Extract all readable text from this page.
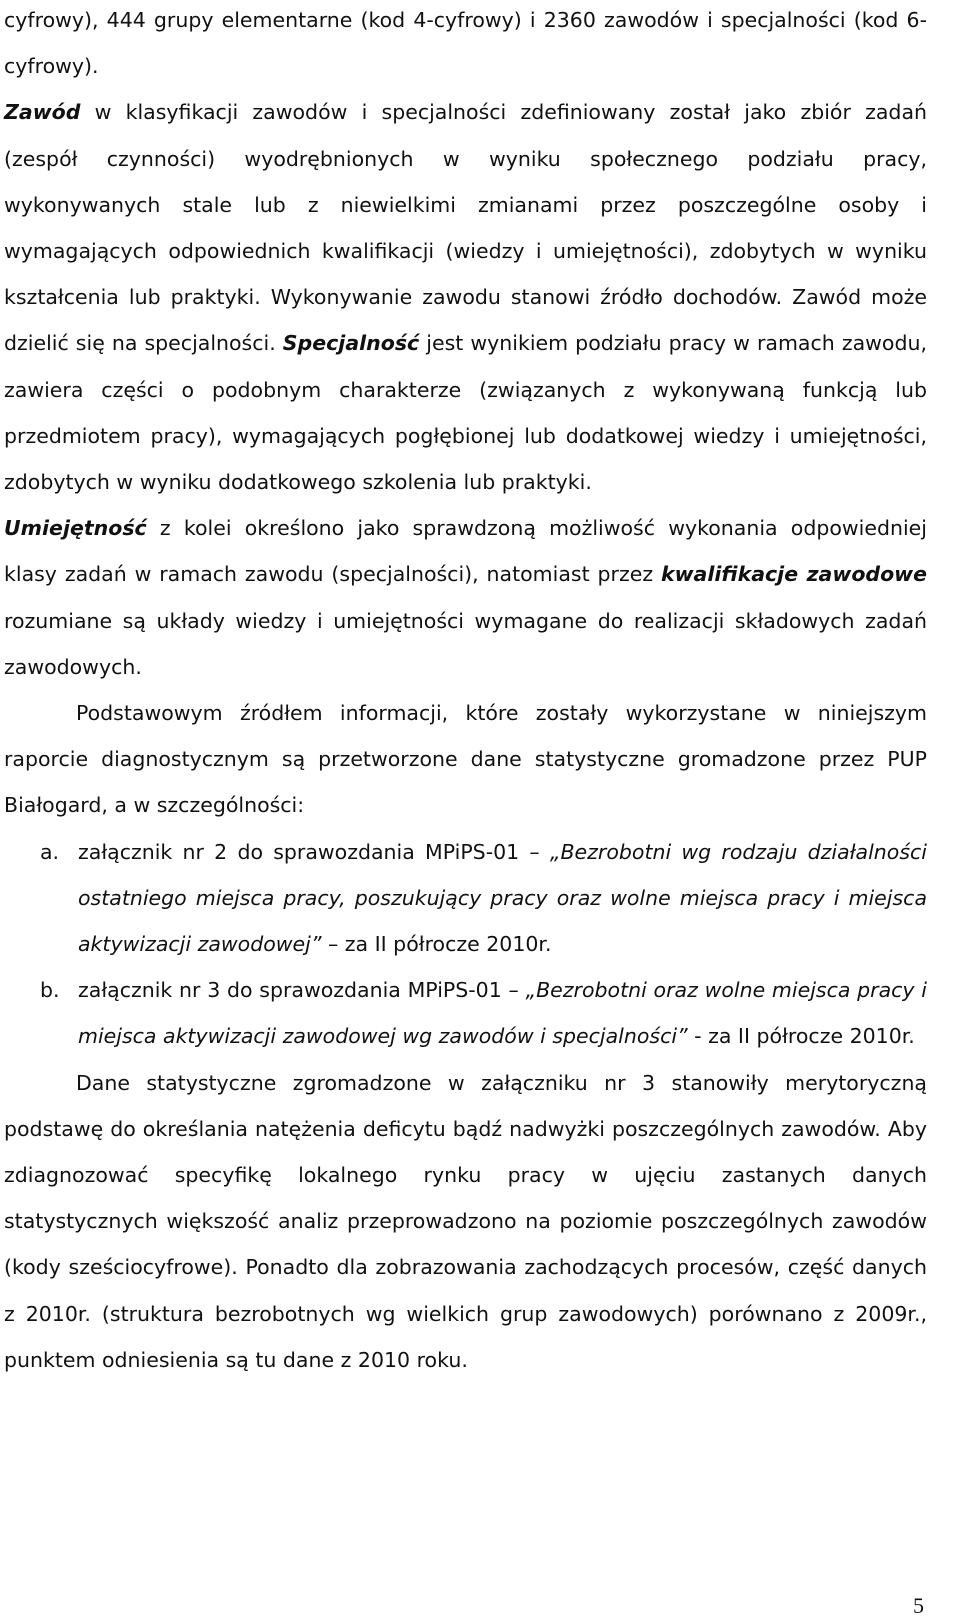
cyfrowy), 444 grupy elementarne (kod 4-cyfrowy) i 2360 zawodów i specjalności (kod 6-cyfrowy).

Zawód w klasyfikacji zawodów i specjalności zdefiniowany został jako zbiór zadań (zespół czynności) wyodrębnionych w wyniku społecznego podziału pracy, wykonywanych stale lub z niewielkimi zmianami przez poszczególne osoby i wymagających odpowiednich kwalifikacji (wiedzy i umiejętności), zdobytych w wyniku kształcenia lub praktyki. Wykonywanie zawodu stanowi źródło dochodów. Zawód może dzielić się na specjalności. Specjalność jest wynikiem podziału pracy w ramach zawodu, zawiera części o podobnym charakterze (związanych z wykonywaną funkcją lub przedmiotem pracy), wymagających pogłębionej lub dodatkowej wiedzy i umiejętności, zdobytych w wyniku dodatkowego szkolenia lub praktyki.

Umiejętność z kolei określono jako sprawdzoną możliwość wykonania odpowiedniej klasy zadań w ramach zawodu (specjalności), natomiast przez kwalifikacje zawodowe rozumiane są układy wiedzy i umiejętności wymagane do realizacji składowych zadań zawodowych.

Podstawowym źródłem informacji, które zostały wykorzystane w niniejszym raporcie diagnostycznym są przetworzone dane statystyczne gromadzone przez PUP Białogard, a w szczególności:

a. załącznik nr 2 do sprawozdania MPiPS-01 – „Bezrobotni wg rodzaju działalności ostatniego miejsca pracy, poszukujący pracy oraz wolne miejsca pracy i miejsca aktywizacji zawodowej” – za II półrocze 2010r.
b. załącznik nr 3 do sprawozdania MPiPS-01 – „Bezrobotni oraz wolne miejsca pracy i miejsca aktywizacji zawodowej wg zawodów i specjalności” - za II półrocze 2010r.

Dane statystyczne zgromadzone w załączniku nr 3 stanowiły merytoryczną podstawę do określania natężenia deficytu bądź nadwyżki poszczególnych zawodów. Aby zdiagnozować specyfikę lokalnego rynku pracy w ujęciu zastanych danych statystycznych większość analiz przeprowadzono na poziomie poszczególnych zawodów (kody sześciocyfrowe). Ponadto dla zobrazowania zachodzących procesów, część danych z 2010r. (struktura bezrobotnych wg wielkich grup zawodowych) porównano z 2009r., punktem odniesienia są tu dane z 2010 roku.

5
